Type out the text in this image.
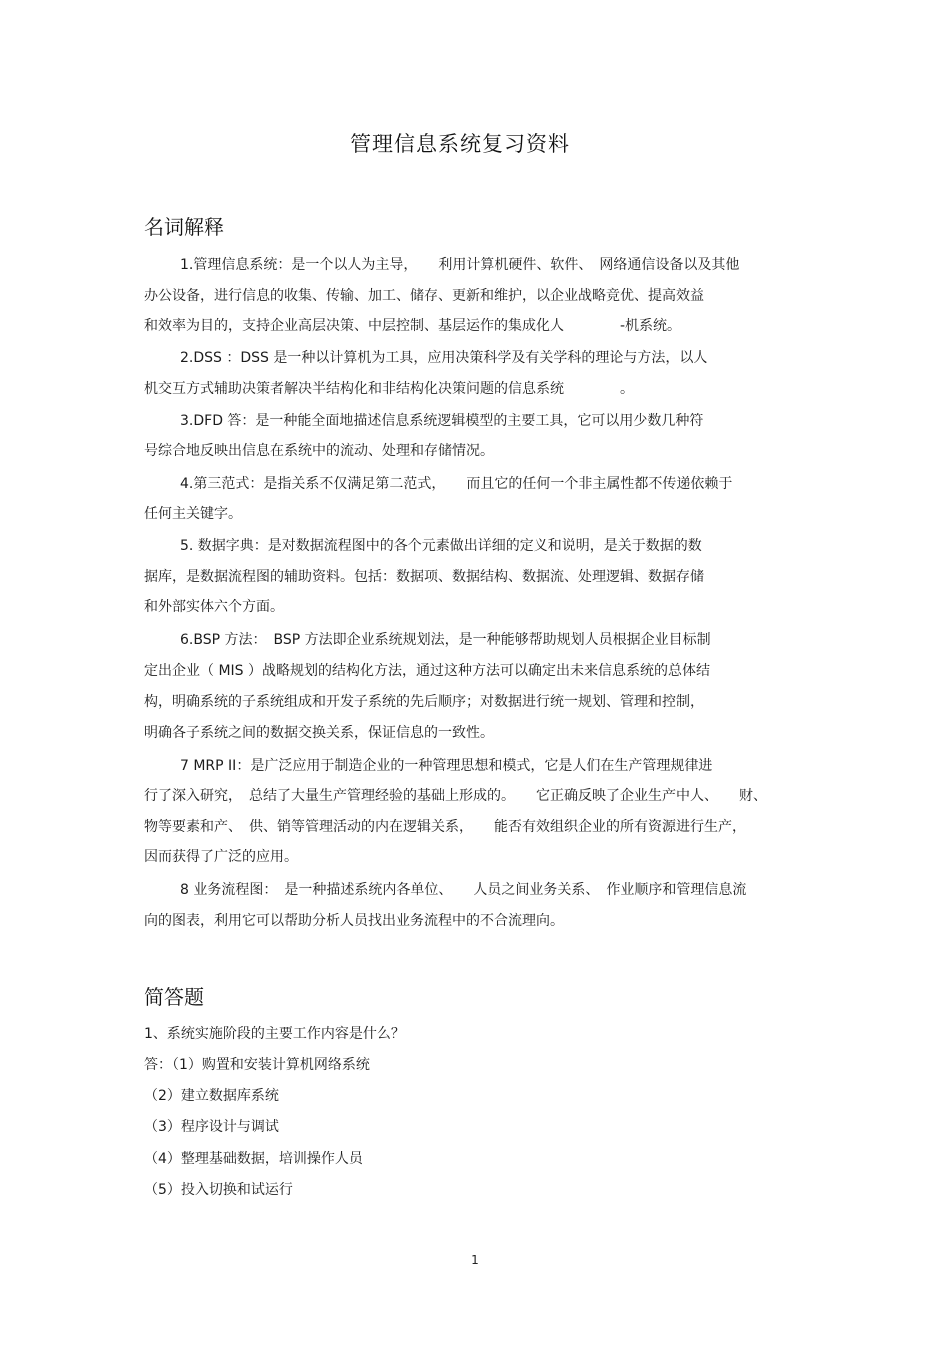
管理信息系统复习资料
名词解释
1.管理信息系统：是一个以人为主导，　　利用计算机硬件、软件、　网络通信设备以及其他
办公设备，进行信息的收集、传输、加工、储存、更新和维护，以企业战略竞优、提高效益
和效率为目的，支持企业高层决策、中层控制、基层运作的集成化人　　　　-机系统。
2.DSS ：DSS 是一种以计算机为工具，应用决策科学及有关学科的理论与方法，以人
机交互方式辅助决策者解决半结构化和非结构化决策问题的信息系统　　　　。
3.DFD 答：是一种能全面地描述信息系统逻辑模型的主要工具，它可以用少数几种符
号综合地反映出信息在系统中的流动、处理和存储情况。
4.第三范式：是指关系不仅满足第二范式，　　而且它的任何一个非主属性都不传递依赖于
任何主关键字。
5. 数据字典：是对数据流程图中的各个元素做出详细的定义和说明，是关于数据的数
据库，是数据流程图的辅助资料。包括：数据项、数据结构、数据流、处理逻辑、数据存储
和外部实体六个方面。
6.BSP 方法：　BSP 方法即企业系统规划法，是一种能够帮助规划人员根据企业目标制
定出企业（ MIS ）战略规划的结构化方法，通过这种方法可以确定出未来信息系统的总体结
构，明确系统的子系统组成和开发子系统的先后顺序；对数据进行统一规划、管理和控制，
明确各子系统之间的数据交换关系，保证信息的一致性。
7 MRP II：是广泛应用于制造企业的一种管理思想和模式，它是人们在生产管理规律进
行了深入研究，　总结了大量生产管理经验的基础上形成的。　　它正确反映了企业生产中人、　　财、
物等要素和产、　供、销等管理活动的内在逻辑关系，　　能否有效组织企业的所有资源进行生产，
因而获得了广泛的应用。
8 业务流程图：　是一种描述系统内各单位、　　人员之间业务关系、　作业顺序和管理信息流
向的图表，利用它可以帮助分析人员找出业务流程中的不合流理向。
简答题
1、系统实施阶段的主要工作内容是什么？
答：（1）购置和安装计算机网络系统
（2）建立数据库系统
（3）程序设计与调试
（4）整理基础数据，培训操作人员
（5）投入切换和试运行
1
